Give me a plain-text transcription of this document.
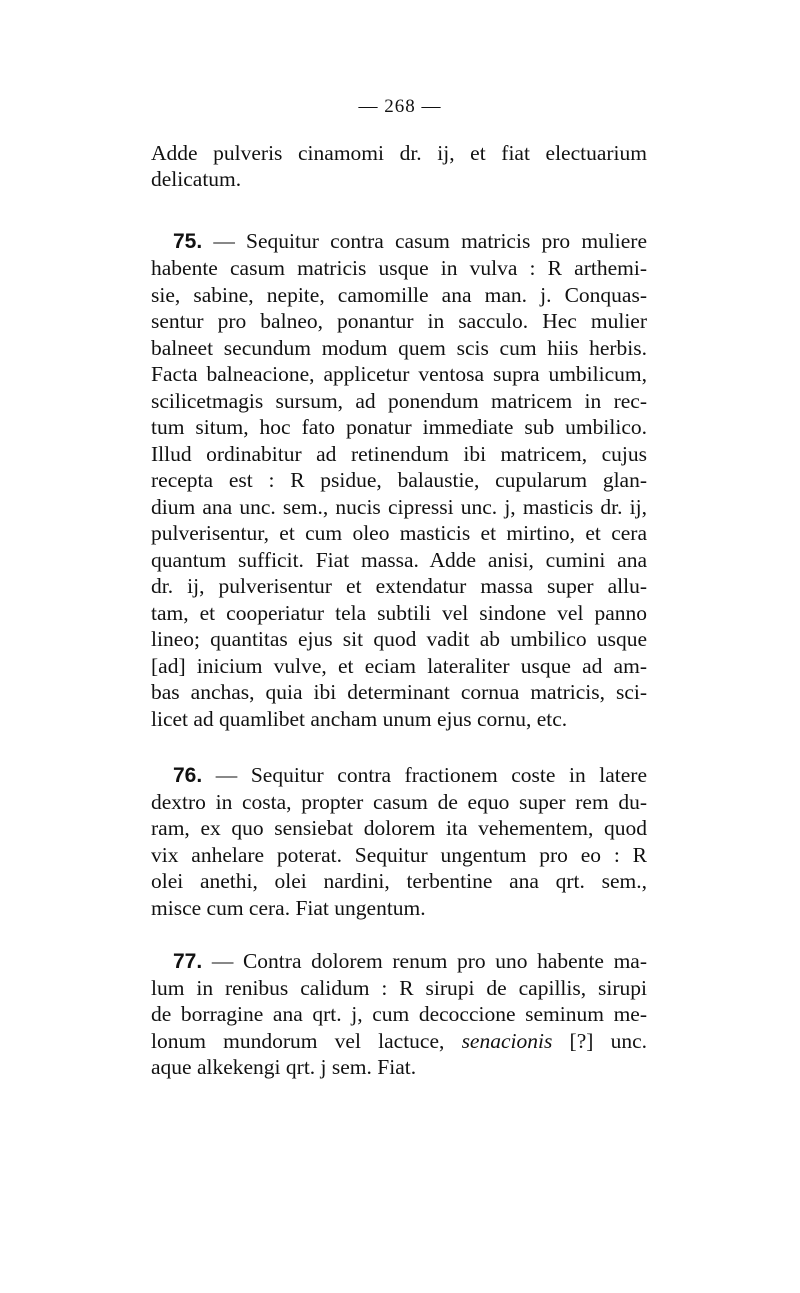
— 268 —
Adde pulveris cinamomi dr. ij, et fiat electuarium
delicatum.
75. — Sequitur contra casum matricis pro muliere
habente casum matricis usque in vulva : R arthemi-
sie, sabine, nepite, camomille ana man. j. Conquas-
sentur pro balneo, ponantur in sacculo. Hec mulier
balneet secundum modum quem scis cum hiis herbis.
Facta balneacione, applicetur ventosa supra umbilicum,
scilicetmagis sursum, ad ponendum matricem in rec-
tum situm, hoc fato ponatur immediate sub umbilico.
Illud ordinabitur ad retinendum ibi matricem, cujus
recepta est : R psidue, balaustie, cupularum glan-
dium ana unc. sem., nucis cipressi unc. j, masticis dr. ij,
pulverisentur, et cum oleo masticis et mirtino, et cera
quantum sufficit. Fiat massa. Adde anisi, cumini ana
dr. ij, pulverisentur et extendatur massa super allu-
tam, et cooperiatur tela subtili vel sindone vel panno
lineo; quantitas ejus sit quod vadit ab umbilico usque
[ad] inicium vulve, et eciam lateraliter usque ad am-
bas anchas, quia ibi determinant cornua matricis, sci-
licet ad quamlibet ancham unum ejus cornu, etc.
76. — Sequitur contra fractionem coste in latere
dextro in costa, propter casum de equo super rem du-
ram, ex quo sensiebat dolorem ita vehementem, quod
vix anhelare poterat. Sequitur ungentum pro eo : R
olei anethi, olei nardini, terbentine ana qrt. sem.,
misce cum cera. Fiat ungentum.
77. — Contra dolorem renum pro uno habente ma-
lum in renibus calidum : R sirupi de capillis, sirupi
de borragine ana qrt. j, cum decoccione seminum me-
lonum mundorum vel lactuce, senacionis [?] unc.
aque alkekengi qrt. j sem. Fiat.
